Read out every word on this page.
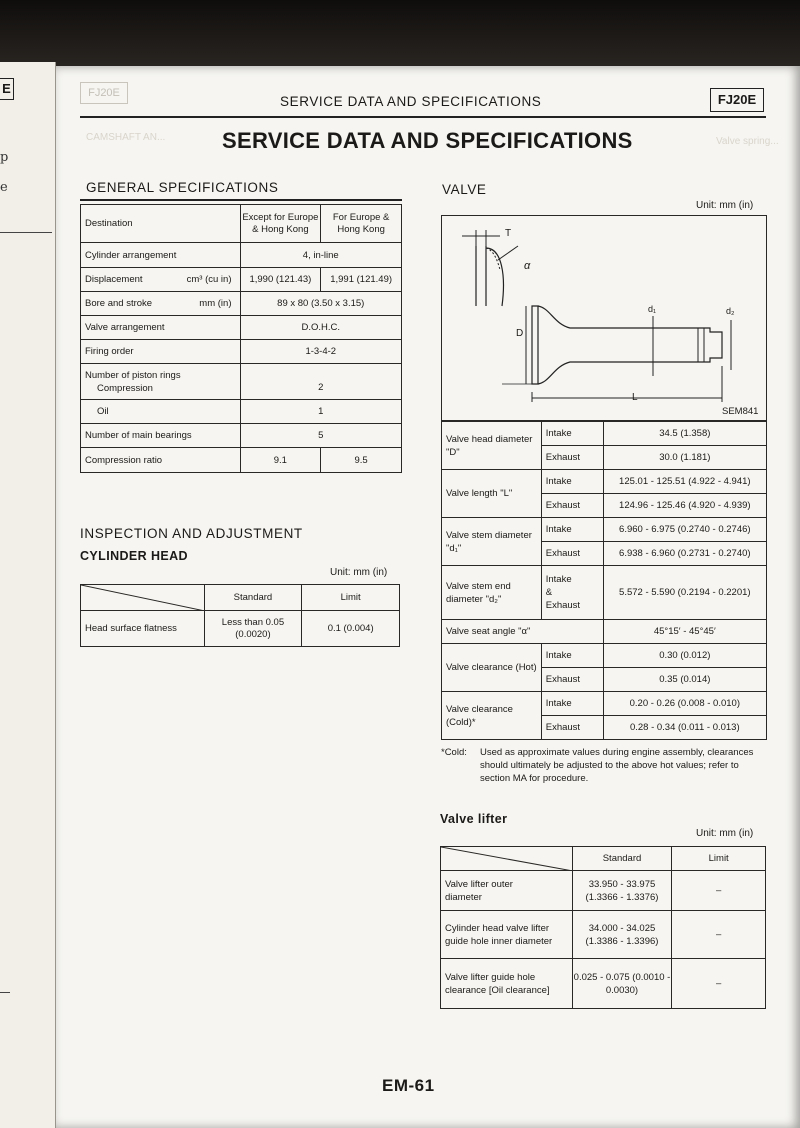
E
p
e
FJ20E
SERVICE DATA AND SPECIFICATIONS	FJ20E
SERVICE DATA AND SPECIFICATIONS
GENERAL SPECIFICATIONS
Destination	Except for Europe & Hong Kong	For Europe & Hong Kong
Cylinder arrangement	4, in-line	
Displacement cm³ (cu in)	1,990 (121.43)	1,991 (121.49)
Bore and stroke mm (in)	89 x 80 (3.50 x 3.15)	
Valve arrangement	D.O.H.C.	
Firing order	1-3-4-2	

Number of piston rings
Compression	2	
Oil	1	
Number of main bearings	5	
Compression ratio	9.1	9.5
INSPECTION AND ADJUSTMENT
CYLINDER HEAD
Unit: mm (in)
	Standard	Limit
Head surface flatness	Less than 0.05 (0.0020)	0.1 (0.004)
CAMSHAFT AN...	Valve spring...
VALVE
Unit: mm (in)
T
α
d₁	d₂
D
L
SEM841
Valve head diameter "D"	Intake	34.5 (1.358)
	Exhaust	30.0 (1.181)
Valve length "L"	Intake	125.01 - 125.51 (4.922 - 4.941)
	Exhaust	124.96 - 125.46 (4.920 - 4.939)
Valve stem diameter "d₁"	Intake	6.960 - 6.975 (0.2740 - 0.2746)
	Exhaust	6.938 - 6.960 (0.2731 - 0.2740)
Valve stem end diameter "d₂"	Intake
&
Exhaust	5.572 - 5.590 (0.2194 - 0.2201)
Valve seat angle "α"		45°15′ - 45°45′
Valve clearance (Hot)	Intake	0.30 (0.012)
	Exhaust	0.35 (0.014)
Valve clearance (Cold)*	Intake	0.20 - 0.26 (0.008 - 0.010)
	Exhaust	0.28 - 0.34 (0.011 - 0.013)
*Cold: Used as approximate values during engine assembly, clearances should ultimately be adjusted to the above hot values; refer to section MA for procedure.
Valve lifter
Unit: mm (in)
	Standard	Limit
Valve lifter outer diameter	33.950 - 33.975 (1.3366 - 1.3376)	–
Cylinder head valve lifter guide hole inner diameter	34.000 - 34.025 (1.3386 - 1.3396)	–
Valve lifter guide hole clearance [Oil clearance]	0.025 - 0.075 (0.0010 - 0.0030)	–
EM-61
